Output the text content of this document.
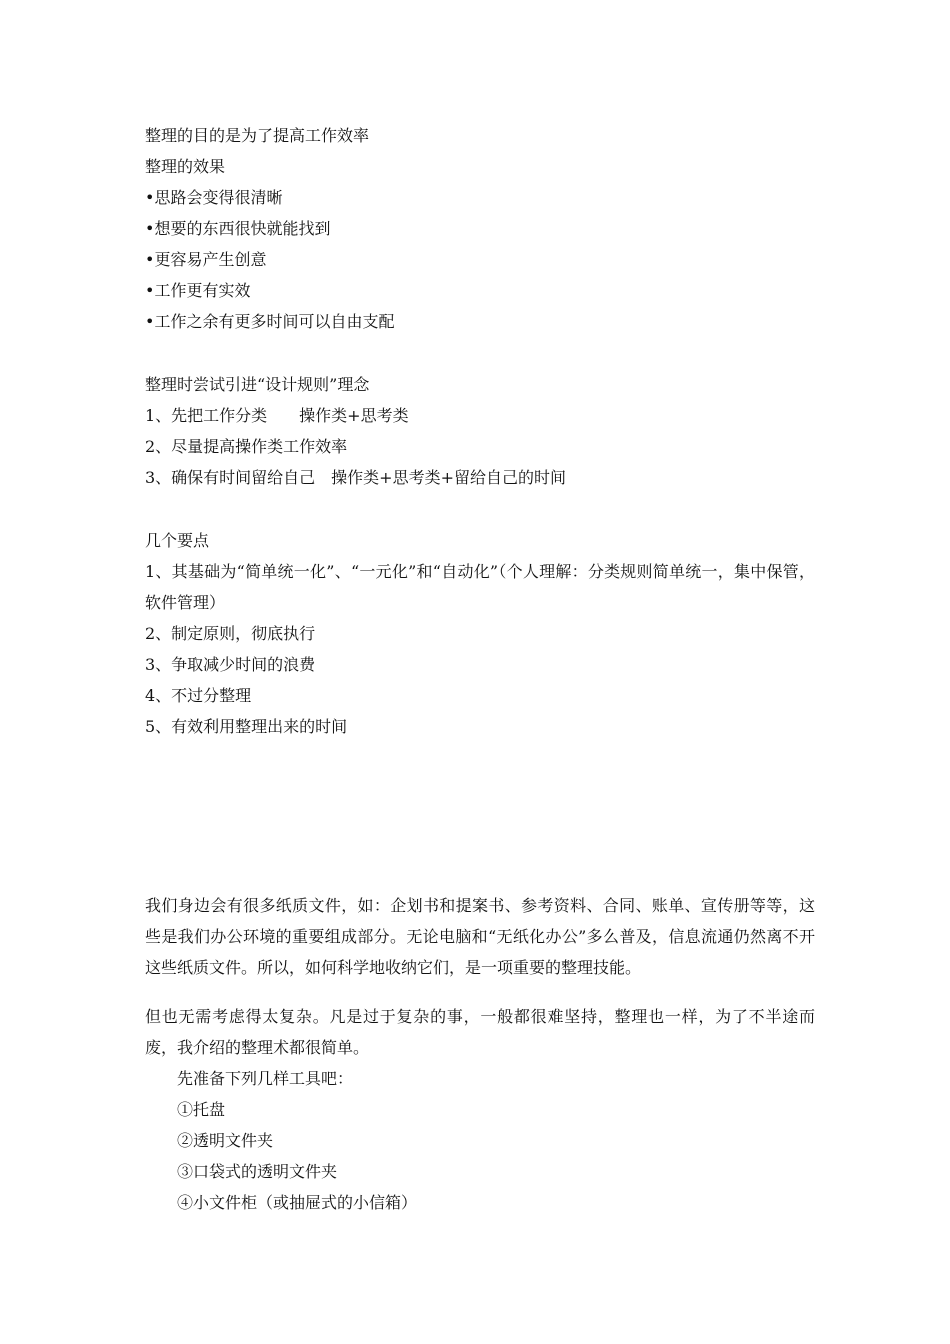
整理的目的是为了提高工作效率
整理的效果
•思路会变得很清晰
•想要的东西很快就能找到
•更容易产生创意
•工作更有实效
•工作之余有更多时间可以自由支配
整理时尝试引进“设计规则”理念
1、先把工作分类　　操作类+思考类
2、尽量提高操作类工作效率
3、确保有时间留给自己　操作类+思考类+留给自己的时间
几个要点
1、其基础为“简单统一化”、“一元化”和“自动化”（个人理解：分类规则简单统一，集中保管，软件管理）
2、制定原则，彻底执行
3、争取减少时间的浪费
4、不过分整理
5、有效利用整理出来的时间
我们身边会有很多纸质文件，如：企划书和提案书、参考资料、合同、账单、宣传册等等，这些是我们办公环境的重要组成部分。无论电脑和“无纸化办公”多么普及，信息流通仍然离不开这些纸质文件。所以，如何科学地收纳它们，是一项重要的整理技能。
但也无需考虑得太复杂。凡是过于复杂的事，一般都很难坚持，整理也一样，为了不半途而废，我介绍的整理术都很简单。
先准备下列几样工具吧：
①托盘
②透明文件夹
③口袋式的透明文件夹
④小文件柜（或抽屉式的小信箱）
